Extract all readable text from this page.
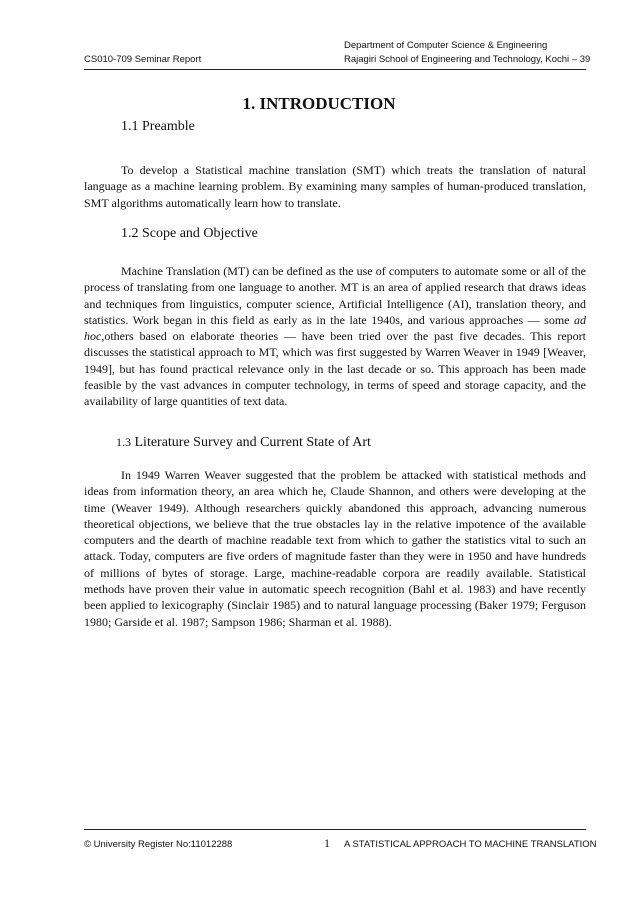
Department of Computer Science & Engineering
CS010-709 Seminar Report	Rajagiri School of Engineering and Technology, Kochi – 39
1. INTRODUCTION
1.1 Preamble

To develop a Statistical machine translation (SMT) which treats the translation of natural language as a machine learning problem. By examining many samples of human-produced translation, SMT algorithms automatically learn how to translate.

1.2 Scope and Objective

Machine Translation (MT) can be defined as the use of computers to automate some or all of the process of translating from one language to another. MT is an area of applied research that draws ideas and techniques from linguistics, computer science, Artificial Intelligence (AI), translation theory, and statistics. Work began in this field as early as in the late 1940s, and various approaches — some ad hoc,others based on elaborate theories — have been tried over the past five decades. This report discusses the statistical approach to MT, which was first suggested by Warren Weaver in 1949 [Weaver, 1949], but has found practical relevance only in the last decade or so. This approach has been made feasible by the vast advances in computer technology, in terms of speed and storage capacity, and the availability of large quantities of text data.

1.3 Literature Survey and Current State of Art

In 1949 Warren Weaver suggested that the problem be attacked with statistical methods and ideas from information theory, an area which he, Claude Shannon, and others were developing at the time (Weaver 1949). Although researchers quickly abandoned this approach, advancing numerous theoretical objections, we believe that the true obstacles lay in the relative impotence of the available computers and the dearth of machine readable text from which to gather the statistics vital to such an attack. Today, computers are five orders of magnitude faster than they were in 1950 and have hundreds of millions of bytes of storage. Large, machine-readable corpora are readily available. Statistical methods have proven their value in automatic speech recognition (Bahl et al. 1983) and have recently been applied to lexicography (Sinclair 1985) and to natural language processing (Baker 1979; Ferguson 1980; Garside et al. 1987; Sampson 1986; Sharman et al. 1988).

© University Register No:11012288	1 A STATISTICAL APPROACH TO MACHINE TRANSLATION
